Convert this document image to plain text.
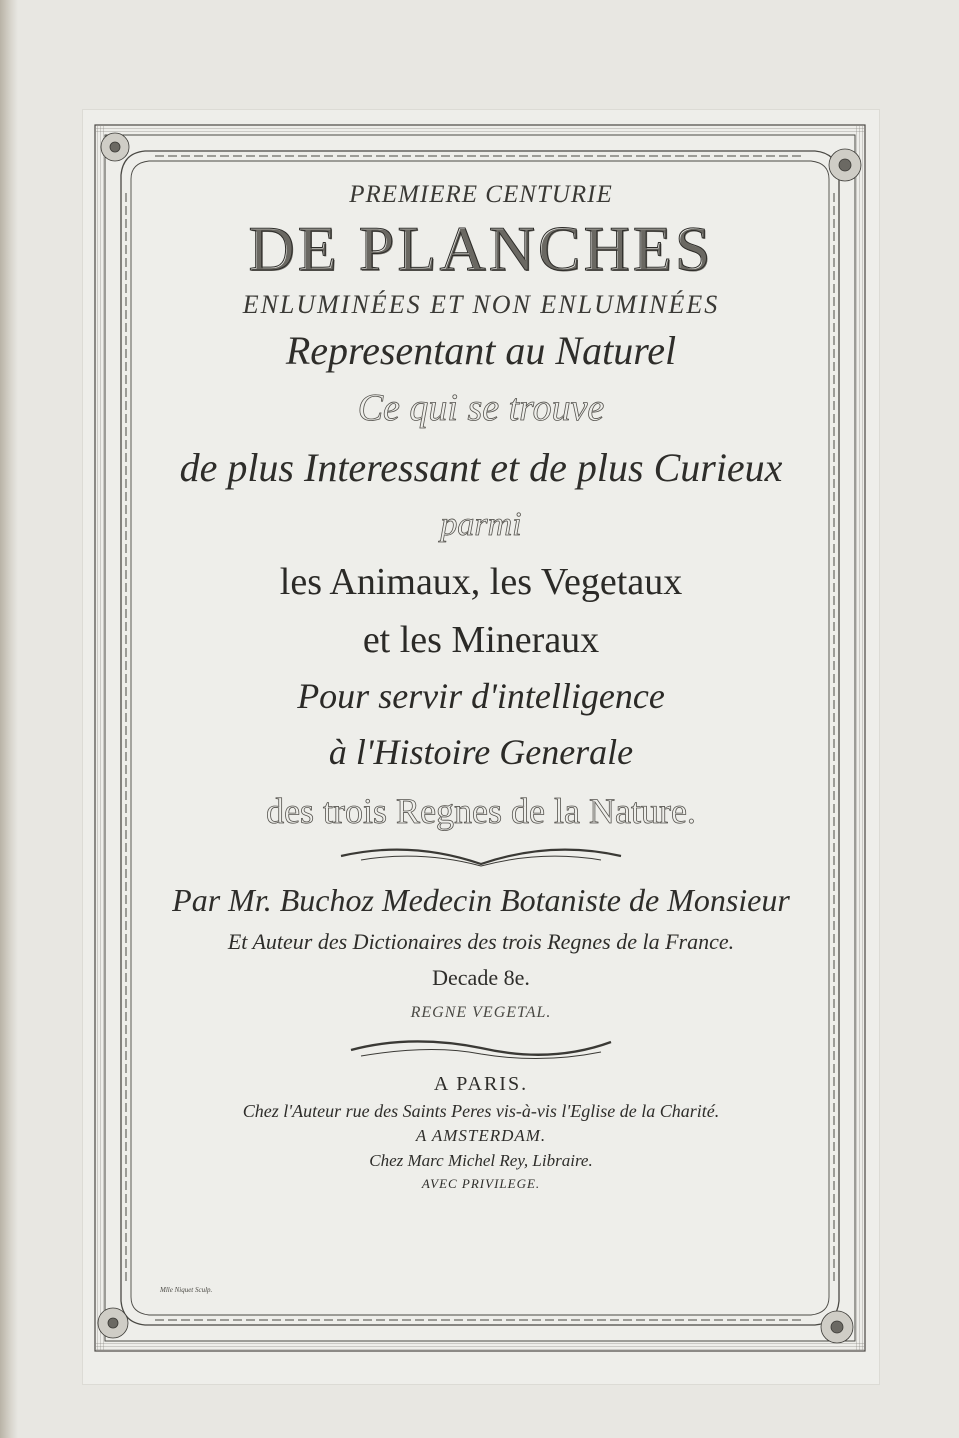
PREMIERE CENTURIE
DE PLANCHES
ENLUMINÉES ET NON ENLUMINÉES
Representant au Naturel
Ce qui se trouve
de plus Interessant et de plus Curieux
parmi
les Animaux, les Vegetaux
et les Mineraux
Pour servir d'intelligence
à l'Histoire Generale
des trois Regnes de la Nature.
Par Mr. Buchoz Medecin Botaniste de Monsieur
Et Auteur des Dictionaires des trois Regnes de la France.
Decade 8e.
REGNE VEGETAL.
A PARIS.
Chez l'Auteur rue des Saints Peres vis-à-vis l'Eglise de la Charité.
A AMSTERDAM.
Chez Marc Michel Rey, Libraire.
AVEC PRIVILEGE.
Mlle Niquet Sculp.
